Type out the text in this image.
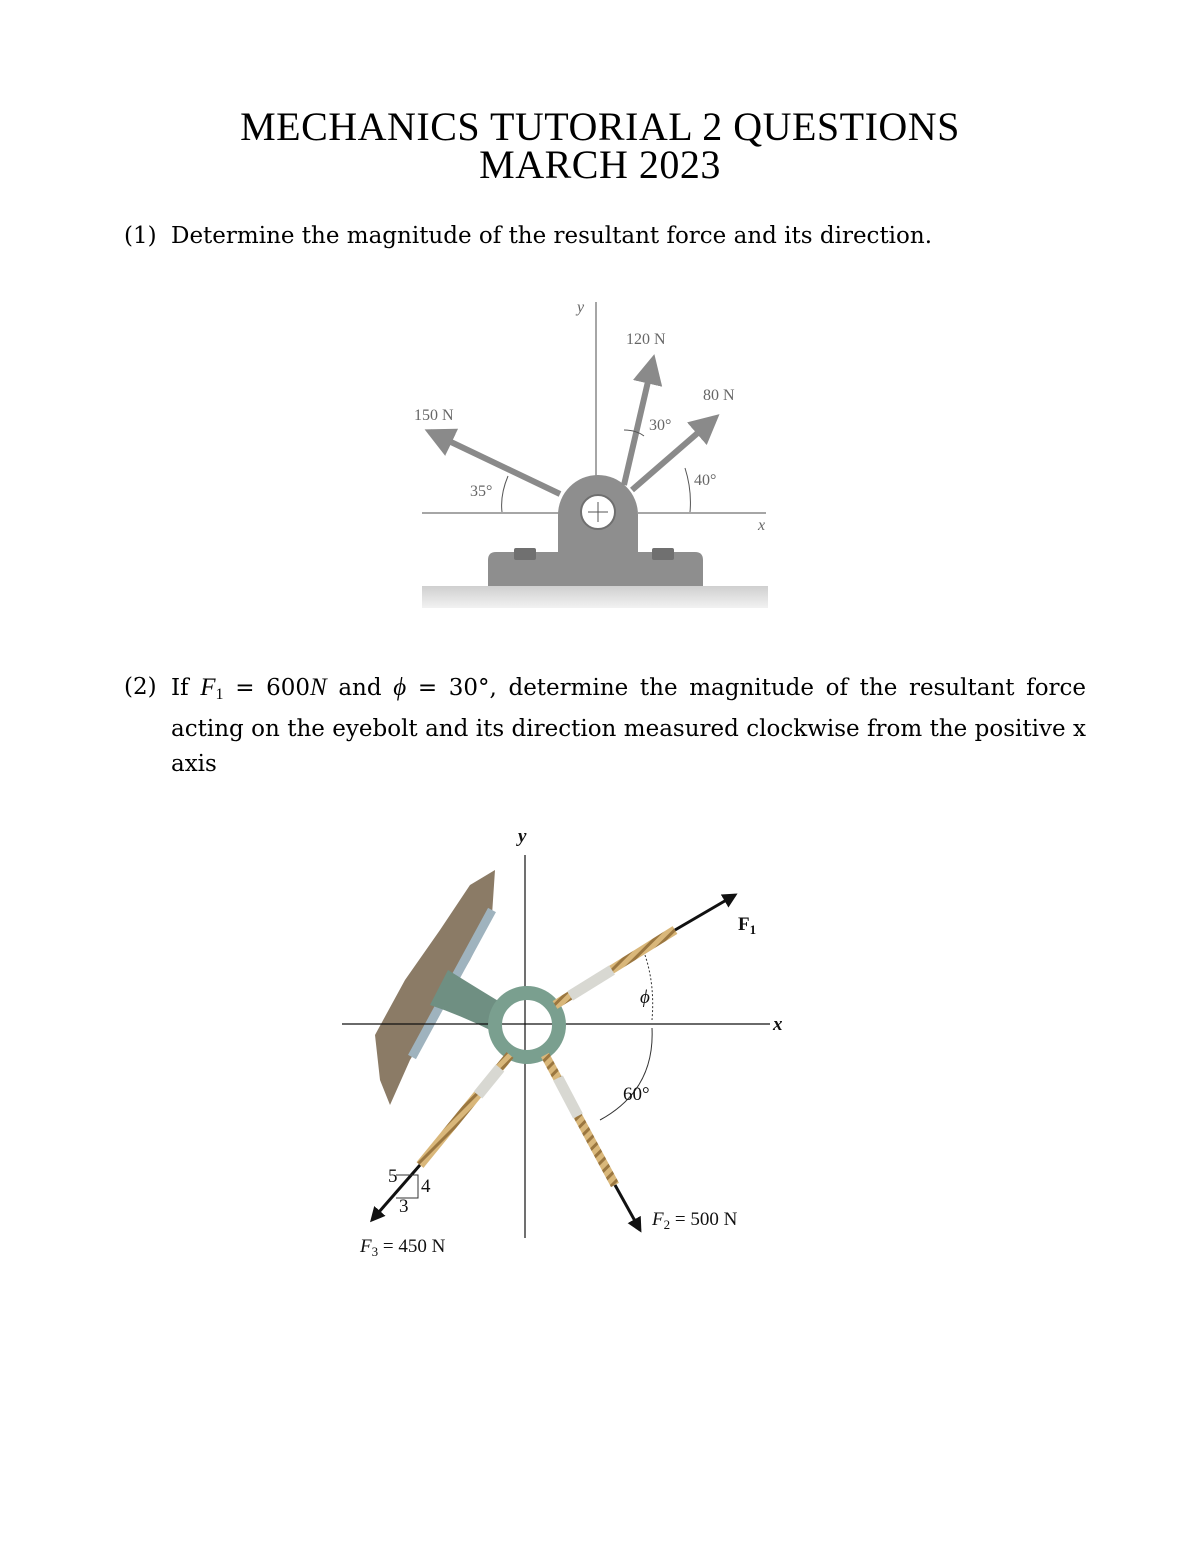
MECHANICS TUTORIAL 2 QUESTIONS
MARCH 2023
(1) Determine the magnitude of the resultant force and its direction.
y
x
120 N
80 N
150 N
30°
40°
35°
(2) If $F_1 = 600N$ and ϕ = 30°, determine the magnitude of the resultant force acting on the eyebolt and its direction measured clockwise from the positive x axis
y
x
$F_1$
ϕ
60°
$F_2 = 500$ N
$F_3 = 450$ N
5 4
3
